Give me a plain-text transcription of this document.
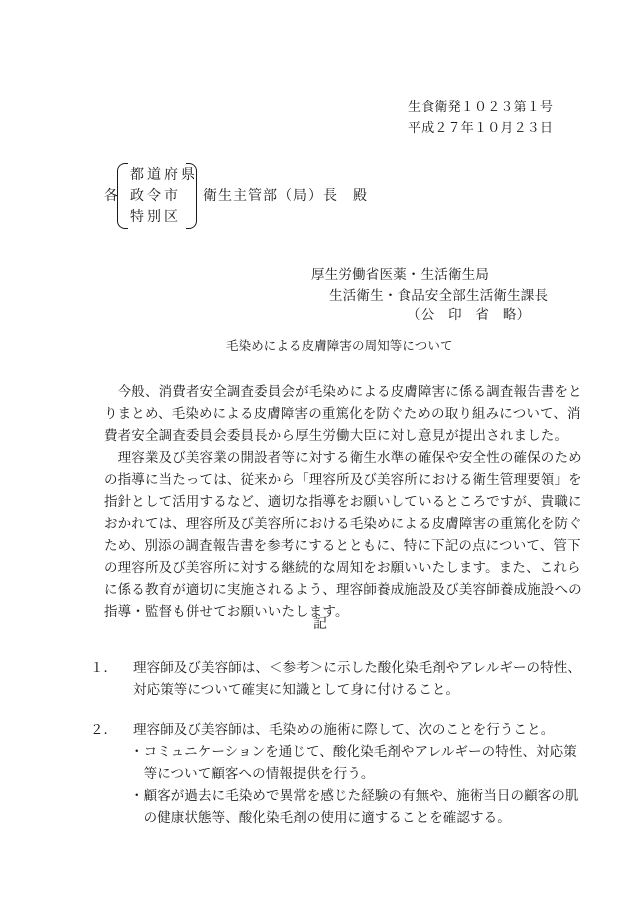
生食衛発１０２３第１号
平成２７年１０月２３日
各
都道府県
政令市
特別区
衛生主管部（局）長　殿
厚生労働省医薬・生活衛生局
生活衛生・食品安全部生活衛生課長
（公　印　省　略）
毛染めによる皮膚障害の周知等について
　今般、消費者安全調査委員会が毛染めによる皮膚障害に係る調査報告書をと
りまとめ、毛染めによる皮膚障害の重篤化を防ぐための取り組みについて、消
費者安全調査委員会委員長から厚生労働大臣に対し意見が提出されました。
　理容業及び美容業の開設者等に対する衛生水準の確保や安全性の確保のため
の指導に当たっては、従来から「理容所及び美容所における衛生管理要領」を
指針として活用するなど、適切な指導をお願いしているところですが、貴職に
おかれては、理容所及び美容所における毛染めによる皮膚障害の重篤化を防ぐ
ため、別添の調査報告書を参考にするとともに、特に下記の点について、管下
の理容所及び美容所に対する継続的な周知をお願いいたします。また、これら
に係る教育が適切に実施されるよう、理容師養成施設及び美容師養成施設への
指導・監督も併せてお願いいたします。
記
１． 理容師及び美容師は、＜参考＞に示した酸化染毛剤やアレルギーの特性、
対応策等について確実に知識として身に付けること。
２． 理容師及び美容師は、毛染めの施術に際して、次のことを行うこと。
・コミュニケーションを通じて、酸化染毛剤やアレルギーの特性、対応策
　等について顧客への情報提供を行う。
・顧客が過去に毛染めで異常を感じた経験の有無や、施術当日の顧客の肌
　の健康状態等、酸化染毛剤の使用に適することを確認する。
